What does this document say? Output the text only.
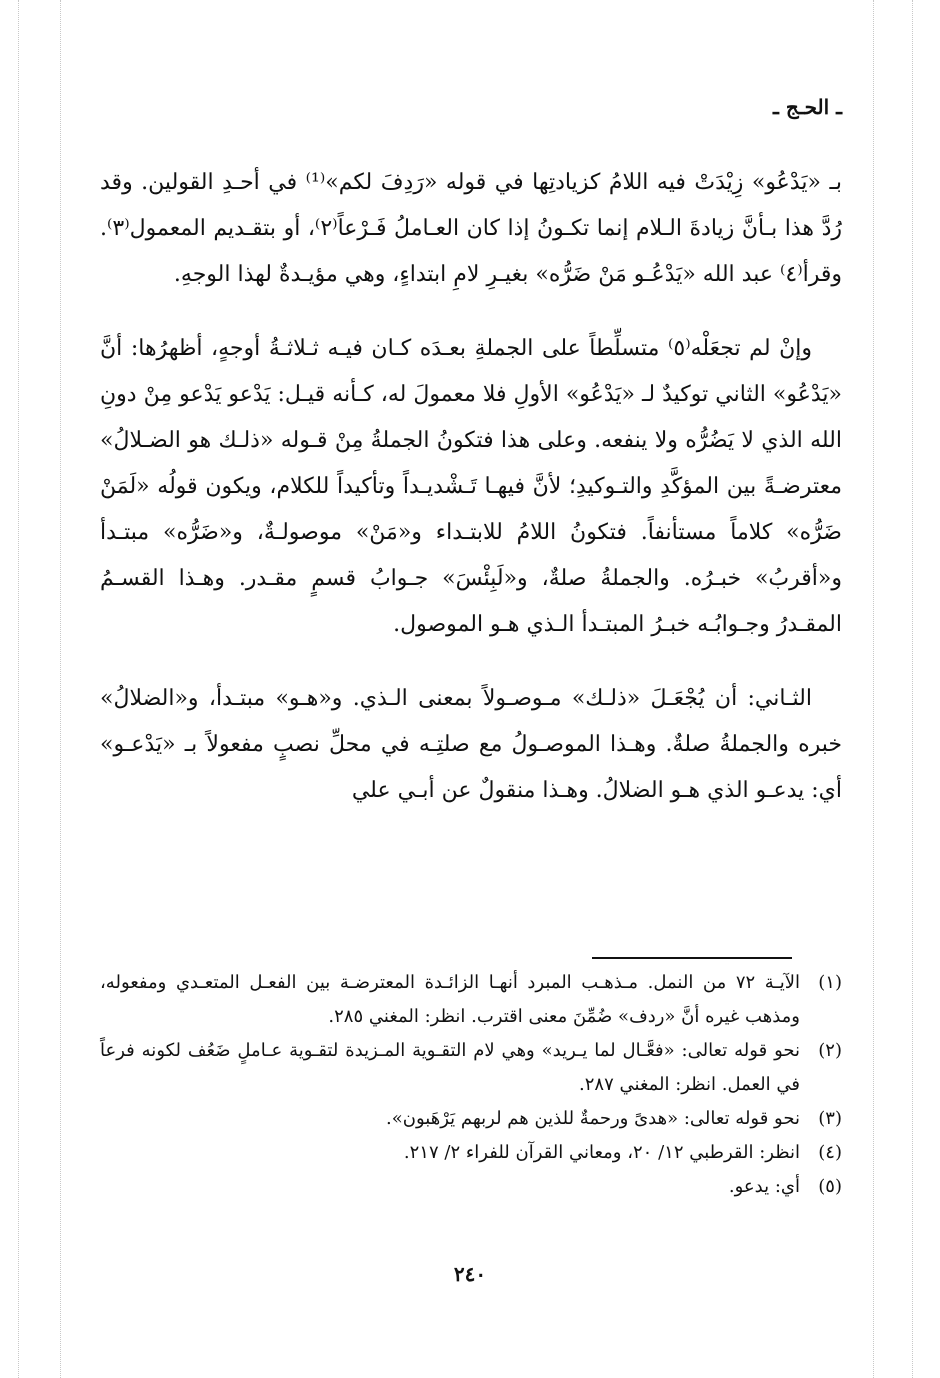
ـ الحـج ـ

بـ «يَدْعُو» زِيْدَتْ فيه اللامُ كزيادتِها في قوله «رَدِفَ لكم»⁽¹⁾ في أحـدِ القولين. وقد رُدَّ هذا بـأنَّ زيادةَ الـلام إنما تكـونُ إذا كان العـاملُ فَـرْعاً⁽٢⁾، أو بتقـديم المعمول⁽٣⁾. وقرأ⁽٤⁾ عبد الله «يَدْعُـو مَنْ ضَرُّه» بغيـرِ لامِ ابتداءٍ، وهي مؤيـدةٌ لهذا الوجهِ.

وإنْ لم تجعَلْه⁽٥⁾ متسلِّطاً على الجملةِ بعـدَه كـان فيـه ثـلاثـةُ أوجهٍ، أظهرُها: أنَّ «يَدْعُو» الثاني توكيدٌ لـ «يَدْعُو» الأولِ فلا معمولَ له، كـأنه قيـل: يَدْعو يَدْعو مِنْ دونِ الله الذي لا يَضُرُّه ولا ينفعه. وعلى هذا فتكونُ الجملةُ مِنْ قـوله «ذلـك هو الضـلالُ» معترضـةً بين المؤكَّدِ والتـوكيدِ؛ لأنَّ فيهـا تَـشْديـداً وتأكيداً للكلام، ويكون قولُه «لَمَنْ ضَرُّه» كلاماً مستأنفاً. فتكونُ اللامُ للابتـداء و«مَنْ» موصولـةٌ، و«ضَرُّه» مبتـدأ و«أقربُ» خبـرُه. والجملةُ صلةٌ، و«لَبِئْسَ» جـوابُ قسمٍ مقـدر. وهـذا القسـمُ المقـدرُ وجـوابُـه خبـرُ المبتـدأ الـذي هـو الموصول.

الثـاني: أن يُجْعَـلَ «ذلـك» مـوصـولاً بمعنى الـذي. و«هـو» مبتـدأ، و«الضلالُ» خبره والجملةُ صلةٌ. وهـذا الموصـولُ مع صلتِـه في محلِّ نصبٍ مفعولاً بـ «يَدْعـو» أي: يدعـو الذي هـو الضلالُ. وهـذا منقولٌ عن أبـي علي

(١)
الآيـة ٧٢ من النمل. مـذهـب المبرد أنهـا الزائـدة المعترضـة بين الفعـل المتعـدي ومفعوله، ومذهب غيره أنَّ «ردف» ضُمِّنَ معنى اقترب. انظر: المغني ٢٨٥.
(٢)
نحو قوله تعالى: «فعَّـال لما يـريد» وهي لام التقـوية المـزيدة لتقـوية عـاملٍ ضَعُف لكونه فرعاً في العمل. انظر: المغني ٢٨٧.
(٣)
نحو قوله تعالى: «هدىً ورحمةٌ للذين هم لربهم يَرْهَبون».
(٤)
انظر: القرطبي ١٢/ ٢٠، ومعاني القرآن للفراء ٢/ ٢١٧.
(٥)
أي: يدعو.
٢٤٠
